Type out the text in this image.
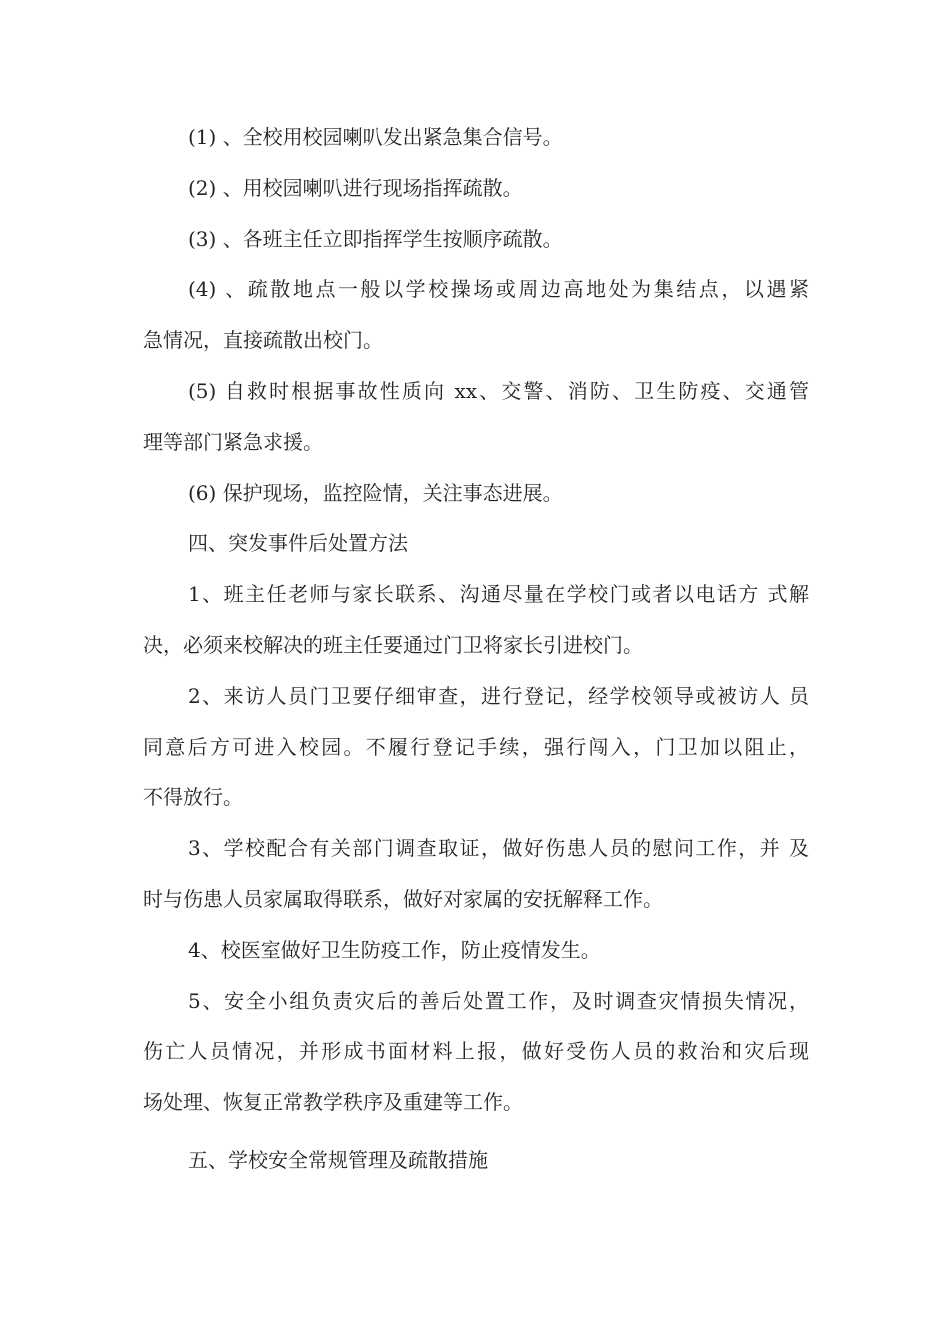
(1) 、全校用校园喇叭发出紧急集合信号。
(2) 、用校园喇叭进行现场指挥疏散。
(3) 、各班主任立即指挥学生按顺序疏散。
(4) 、疏散地点一般以学校操场或周边高地处为集结点，以遇紧
急情况，直接疏散出校门。
(5) 自救时根据事故性质向 xx、交警、消防、卫生防疫、交通管
理等部门紧急求援。
(6) 保护现场，监控险情，关注事态进展。
四、突发事件后处置方法
1、班主任老师与家长联系、沟通尽量在学校门或者以电话方 式解
决，必须来校解决的班主任要通过门卫将家长引进校门。
2、来访人员门卫要仔细审查，进行登记，经学校领导或被访人 员
同意后方可进入校园。不履行登记手续，强行闯入，门卫加以阻止，
不得放行。
3、学校配合有关部门调查取证，做好伤患人员的慰问工作，并 及
时与伤患人员家属取得联系，做好对家属的安抚解释工作。
4、校医室做好卫生防疫工作，防止疫情发生。
5、安全小组负责灾后的善后处置工作，及时调查灾情损失情况，
伤亡人员情况，并形成书面材料上报，做好受伤人员的救治和灾后现
场处理、恢复正常教学秩序及重建等工作。
五、学校安全常规管理及疏散措施
